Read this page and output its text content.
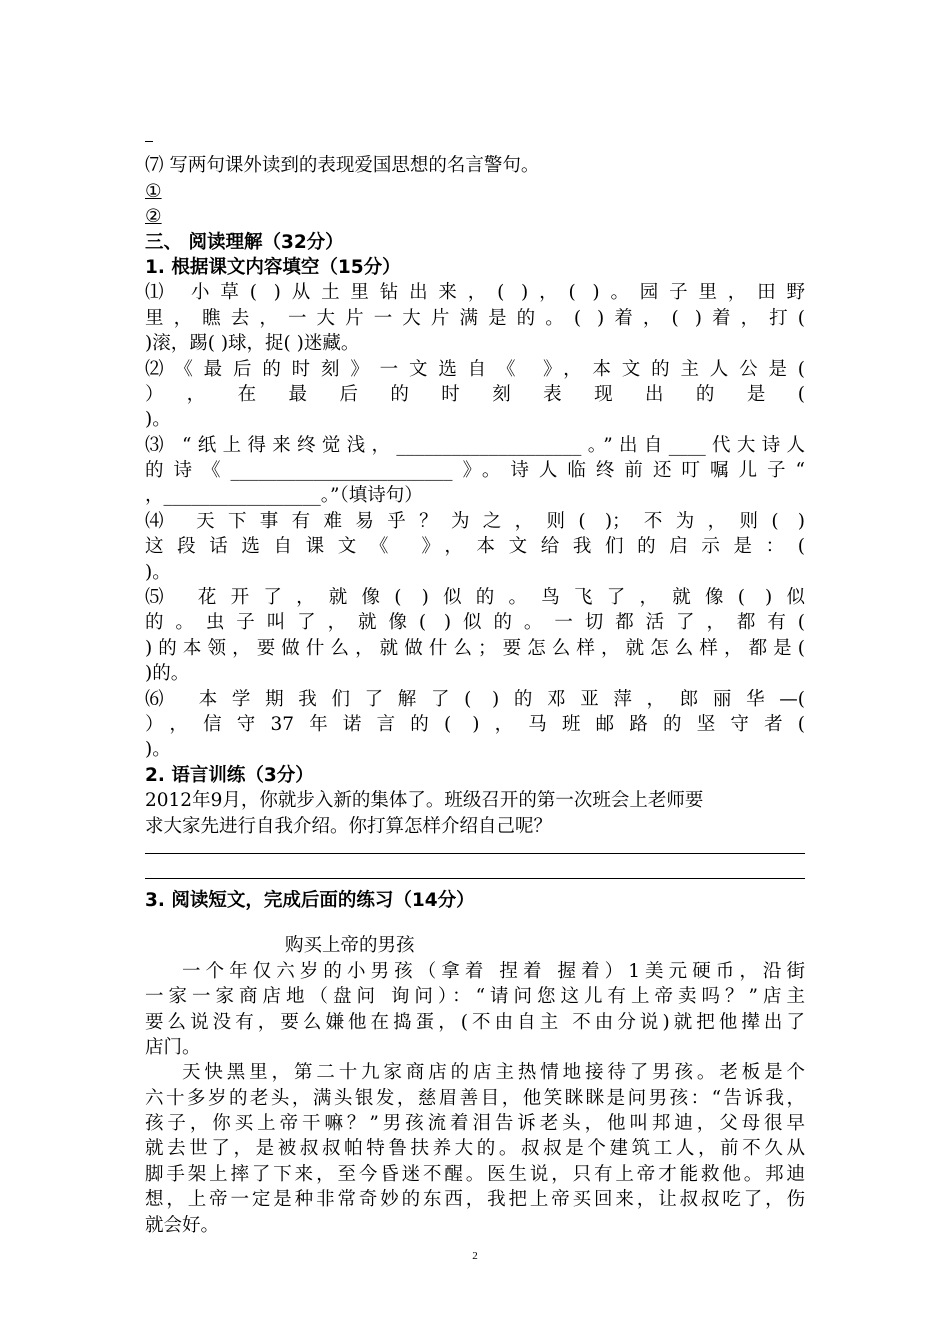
⑺ 写两句课外读到的表现爱国思想的名言警句。
①
②
三、 阅读理解（32分）
1. 根据课文内容填空（15分）
⑴ 小草( )从土里钻出来，( )，( )。园子里，田野
里，瞧去，一大片一大片满是的。( )着，( )着，打(
)滚，踢( )球，捉( )迷藏。
⑵《最后的时刻》一文选自《 》，本文的主人公是(
），在最后的时刻表现出的是(
)。
⑶ “纸上得来终觉浅，____________________。”出自____代大诗人
的诗《________________________》。诗人临终前还叮嘱儿子“
，_________________。”（填诗句）
⑷ 天下事有难易乎？为之，则( )；不为，则( )
这段话选自课文《 》，本文给我们的启示是：(
)。
⑸ 花开了，就像( )似的。鸟飞了，就像( )似
的。虫子叫了，就像( )似的。一切都活了，都有(
)的本领，要做什么，就做什么；要怎么样，就怎么样，都是(
)的。
⑹ 本学期我们了解了( )的邓亚萍，郎丽华—(
），信守37年诺言的( )，马班邮路的坚守者(
)。
2. 语言训练（3分）
2012年9月，你就步入新的集体了。班级召开的第一次班会上老师要
求大家先进行自我介绍。你打算怎样介绍自己呢？
3. 阅读短文，完成后面的练习（14分）
购买上帝的男孩
一个年仅六岁的小男孩（拿着 捏着 握着）1美元硬币，沿街
一家一家商店地（盘问 询问）：“请问您这儿有上帝卖吗？”店主
要么说没有，要么嫌他在捣蛋，(不由自主 不由分说)就把他撵出了
店门。
天快黑里，第二十九家商店的店主热情地接待了男孩。老板是个
六十多岁的老头，满头银发，慈眉善目，他笑眯眯是问男孩：“告诉我，
孩子，你买上帝干嘛？”男孩流着泪告诉老头，他叫邦迪，父母很早
就去世了，是被叔叔帕特鲁扶养大的。叔叔是个建筑工人，前不久从
脚手架上摔了下来，至今昏迷不醒。医生说，只有上帝才能救他。邦迪
想，上帝一定是种非常奇妙的东西，我把上帝买回来，让叔叔吃了，伤
就会好。
2
